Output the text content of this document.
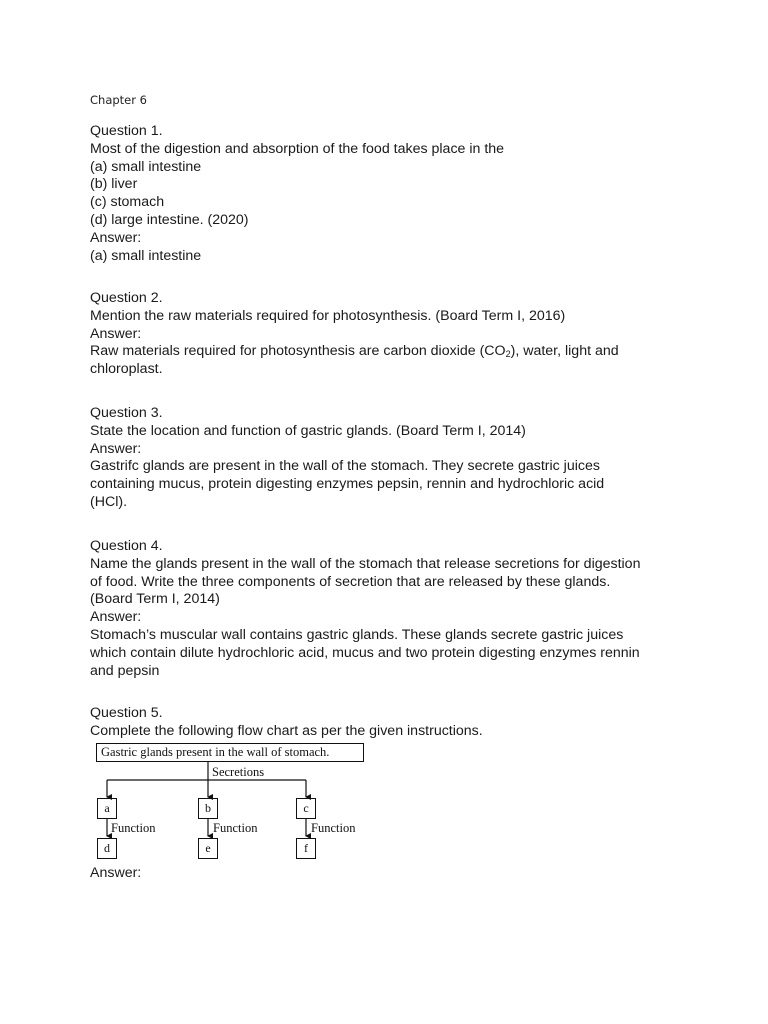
Chapter 6
Question 1.
Most of the digestion and absorption of the food takes place in the
(a) small intestine
(b) liver
(c) stomach
(d) large intestine. (2020)
Answer:
(a) small intestine
Question 2.
Mention the raw materials required for photosynthesis. (Board Term I, 2016)
Answer:
Raw materials required for photosynthesis are carbon dioxide $(CO_2)$, water, light and
chloroplast.
Question 3.
State the location and function of gastric glands. (Board Term I, 2014)
Answer:
Gastrifc glands are present in the wall of the stomach. They secrete gastric juices
containing mucus, protein digesting enzymes pepsin, rennin and hydrochloric acid
(HCl).
Question 4.
Name the glands present in the wall of the stomach that release secretions for digestion
of food. Write the three components of secretion that are released by these glands.
(Board Term I, 2014)
Answer:
Stomach’s muscular wall contains gastric glands. These glands secrete gastric juices
which contain dilute hydrochloric acid, mucus and two protein digesting enzymes rennin
and pepsin
Question 5.
Complete the following flow chart as per the given instructions.
Gastric glands present in the wall of stomach.
Secretions
a	b	c
Function	Function	Function
d	e	f
Answer:
